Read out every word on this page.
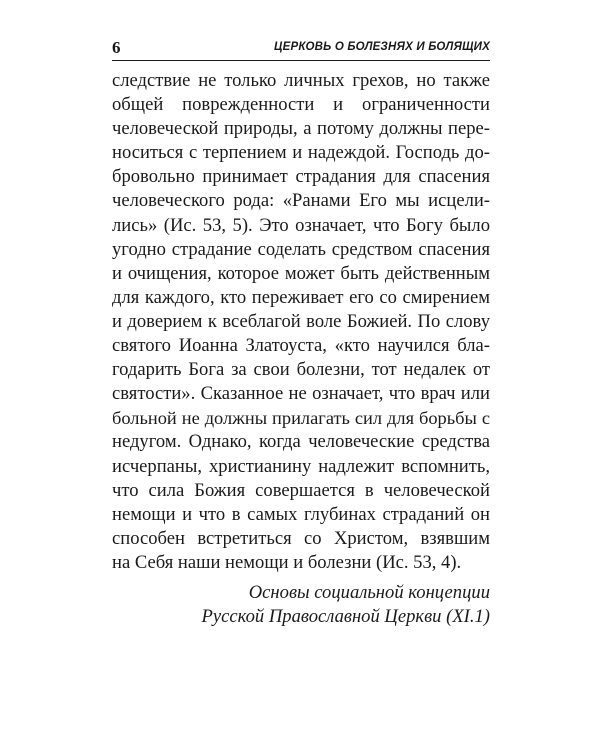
6	ЦЕРКОВЬ О БОЛЕЗНЯХ И БОЛЯЩИХ
следствие не только личных грехов, но также
общей поврежденности и ограниченности
человеческой природы, а потому должны пере-
носиться с терпением и надеждой. Господь до-
бровольно принимает страдания для спасения
человеческого рода: «Ранами Его мы исцели-
лись» (Ис. 53, 5). Это означает, что Богу было
угодно страдание соделать средством спасения
и очищения, которое может быть действенным
для каждого, кто переживает его со смирением
и доверием к всеблагой воле Божией. По слову
святого Иоанна Златоуста, «кто научился бла-
годарить Бога за свои болезни, тот недалек от
святости». Сказанное не означает, что врач или
больной не должны прилагать сил для борьбы с
недугом. Однако, когда человеческие средства
исчерпаны, христианину надлежит вспомнить,
что сила Божия совершается в человеческой
немощи и что в самых глубинах страданий он
способен встретиться со Христом, взявшим
на Себя наши немощи и болезни (Ис. 53, 4).
Основы социальной концепции
Русской Православной Церкви (XI.1)
